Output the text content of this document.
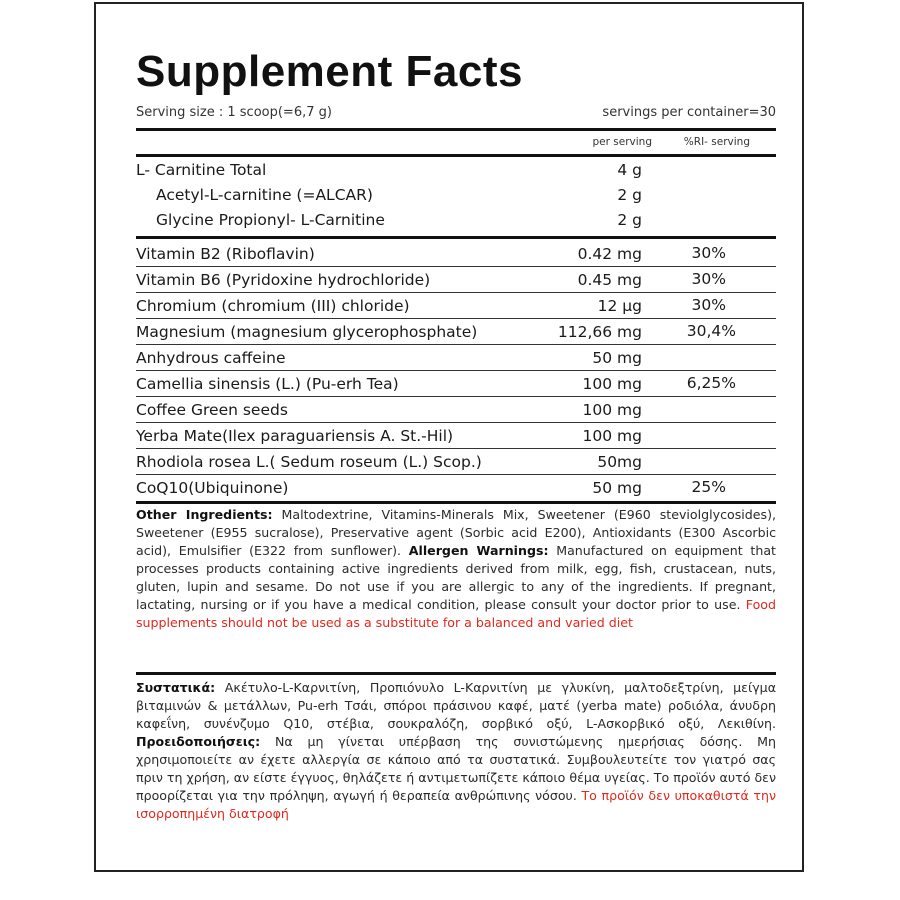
Supplement Facts
Serving size : 1 scoop(=6,7 g)	servings per container=30
per serving	%RI- serving
L- Carnitine Total	4 g
Acetyl-L-carnitine (=ALCAR)	2 g
Glycine Propionyl- L-Carnitine	2 g
Vitamin B2 (Riboflavin)	0.42 mg	30%
Vitamin B6 (Pyridoxine hydrochloride)	0.45 mg	30%
Chromium (chromium (III) chloride)	12 μg	30%
Magnesium (magnesium glycerophosphate)	112,66 mg	30,4%
Anhydrous caffeine	50 mg
Camellia sinensis (L.) (Pu-erh Tea)	100 mg	6,25%
Coffee Green seeds	100 mg
Yerba Mate(Ilex paraguariensis A. St.-Hil)	100 mg
Rhodiola rosea L.( Sedum roseum (L.) Scop.)	50mg
CoQ10(Ubiquinone)	50 mg	25%
Other Ingredients: Maltodextrine, Vitamins-Minerals Mix, Sweetener (E960 steviolglycosides), Sweetener (E955 sucralose), Preservative agent (Sorbic acid E200), Antioxidants (E300 Ascorbic acid), Emulsifier (E322 from sunflower). Allergen Warnings: Manufactured on equipment that processes products containing active ingredients derived from milk, egg, fish, crustacean, nuts, gluten, lupin and sesame. Do not use if you are allergic to any of the ingredients. If pregnant, lactating, nursing or if you have a medical condition, please consult your doctor prior to use. Food supplements should not be used as a substitute for a balanced and varied diet
Συστατικά: Ακέτυλο-L-Καρνιτίνη, Προπιόνυλο L-Καρνιτίνη με γλυκίνη, μαλτοδεξτρίνη, μείγμα βιταμινών & μετάλλων, Pu-erh Τσάι, σπόροι πράσινου καφέ, ματέ (yerba mate) ροδιόλα, άνυδρη καφεΐνη, συνένζυμο Q10, στέβια, σουκραλόζη, σορβικό οξύ, L-Ασκορβικό οξύ, Λεκιθίνη. Προειδοποιήσεις: Να μη γίνεται υπέρβαση της συνιστώμενης ημερήσιας δόσης. Μη χρησιμοποιείτε αν έχετε αλλεργία σε κάποιο από τα συστατικά. Συμβουλευτείτε τον γιατρό σας πριν τη χρήση, αν είστε έγγυος, θηλάζετε ή αντιμετωπίζετε κάποιο θέμα υγείας. Το προϊόν αυτό δεν προορίζεται για την πρόληψη, αγωγή ή θεραπεία ανθρώπινης νόσου. Το προϊόν δεν υποκαθιστά την ισορροπημένη διατροφή
